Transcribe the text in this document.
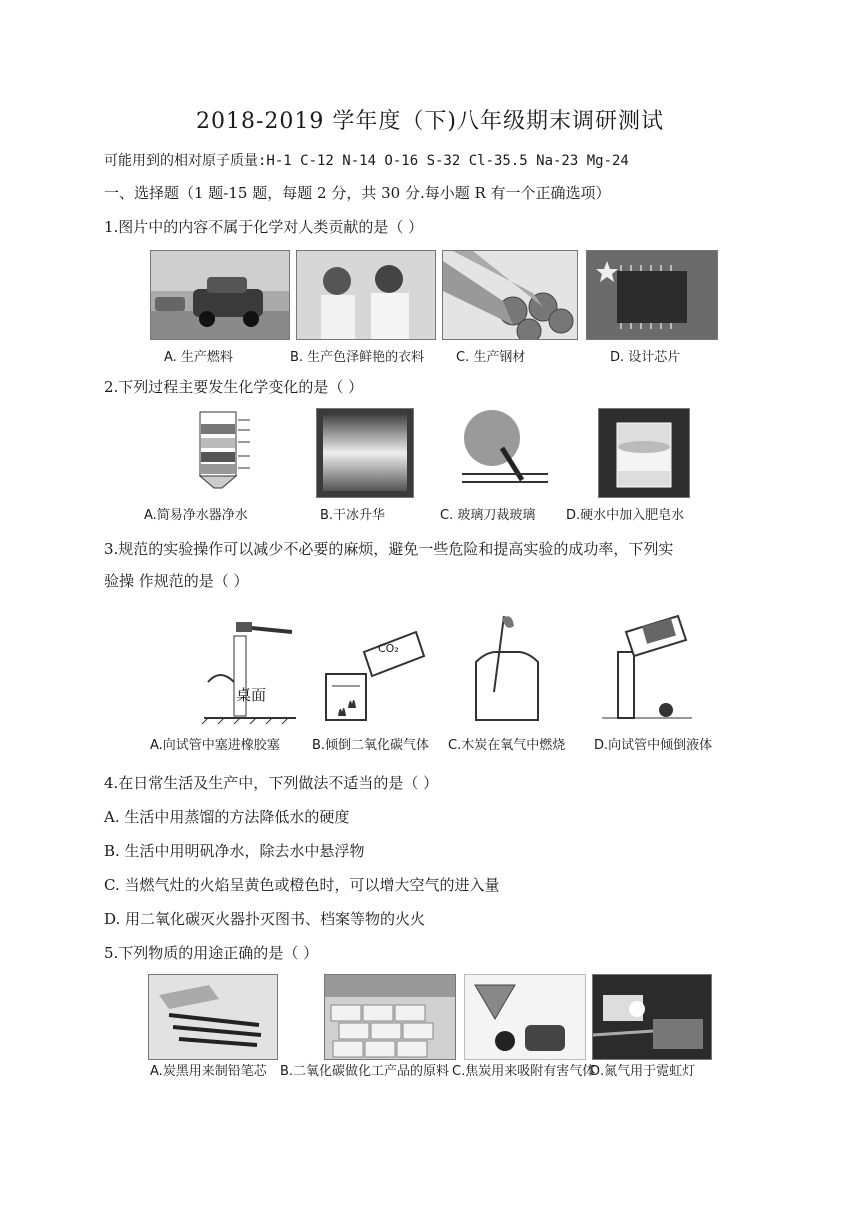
2018-2019 学年度（下)八年级期末调研测试
可能用到的相对原子质量:H-1 C-12 N-14 O-16 S-32 Cl-35.5 Na-23 Mg-24
一、选择题（1 题-15 题，每题 2 分，共 30 分.每小题 R 有一个正确选项）
1.图片中的内容不属于化学对人类贡献的是（ ）
A. 生产燃料	B. 生产色泽鲜艳的衣料 C. 生产钢材	D. 设计芯片
2.下列过程主要发生化学变化的是（ ）
A.简易净水器净水	B.干冰升华	C. 玻璃刀裁玻璃 D.硬水中加入肥皂水
3.规范的实验操作可以减少不必要的麻烦，避免一些危险和提高实验的成功率，下列实
验操 作规范的是（ ）
桌面
A.向试管中塞进橡胶塞
CO₂
B.倾倒二氧化碳气体 C.木炭在氧气中燃烧 D.向试管中倾倒液体
4.在日常生活及生产中，下列做法不适当的是（ ）
A. 生活中用蒸馏的方法降低水的硬度
B. 生活中用明矾净水，除去水中悬浮物
C. 当燃气灶的火焰呈黄色或橙色时，可以增大空气的进入量
D. 用二氧化碳灭火器扑灭图书、档案等物的火火
5.下列物质的用途正确的是（ ）
A.炭黑用来制铅笔芯 B.二氧化碳做化工产品的原料 C.焦炭用来吸附有害气体
D.氮气用于霓虹灯
